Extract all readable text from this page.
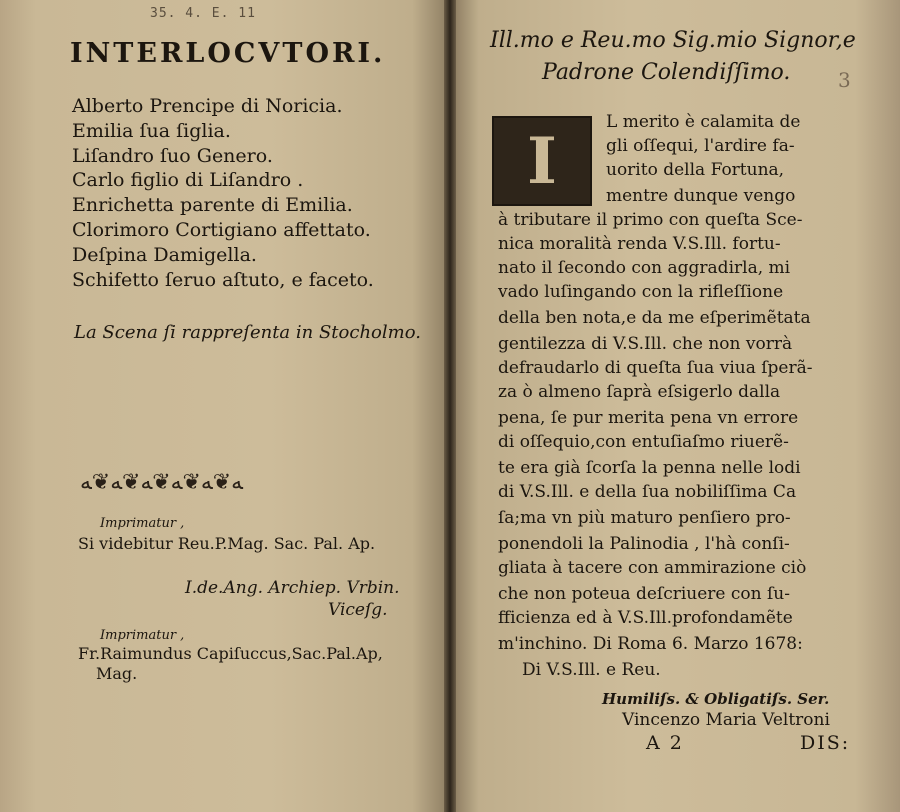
35. 4. E. 11
INTERLOCVTORI.
Alberto Prencipe di Noricia.
Emilia ſua ſiglia.
Liſandro ſuo Genero.
Carlo figlio di Liſandro .
Enrichetta parente di Emilia.
Clorimoro Cortigiano affettato.
Deſpina Damigella.
Schifetto ſeruo aſtuto, e faceto.
La Scena ſi rappreſenta in Stocholmo.
ﻪ❦ﻪ❦ﻪ❦ﻪ❦ﻪ❦ﻪ
Imprimatur ,
Si videbitur Reu.P.Mag. Sac. Pal. Ap.
I.de.Ang. Archiep. Vrbin.
Viceſg.
Imprimatur ,
Fr.Raimundus Capiſuccus,Sac.Pal.Ap,
Mag.
Ill.mo e Reu.mo Sig.mio Signor,e
Padrone Colendiſſimo. 3
I
L merito è calamita de
gli oſſequi, l'ardire fa-
uorito della Fortuna,
mentre dunque vengo
à tributare il primo con queſta Sce-
nica moralità renda V.S.Ill. fortu-
nato il ſecondo con aggradirla, mi
vado luſingando con la rifleſſione
della ben nota,e da me eſperimẽtata
gentilezza di V.S.Ill. che non vorrà
defraudarlo di queſta ſua viua ſperã-
za ò almeno ſaprà eſsigerlo dalla
pena, ſe pur merita pena vn errore
di oſſequio,con entuſiaſmo riuerẽ-
te era già ſcorſa la penna nelle lodi
di V.S.Ill. e della ſua nobiliſſima Ca
ſa;ma vn più maturo penſiero pro-
ponendoli la Palinodia , l'hà conſi-
gliata à tacere con ammirazione ciò
che non poteua deſcriuere con ſu-
fficienza ed à V.S.Ill.profondamẽte
m'inchino. Di Roma 6. Marzo 1678:
Di V.S.Ill. e Reu.
Humiliſs. & Obligatiſs. Ser.
Vincenzo Maria Veltroni
A 2	DIS:
